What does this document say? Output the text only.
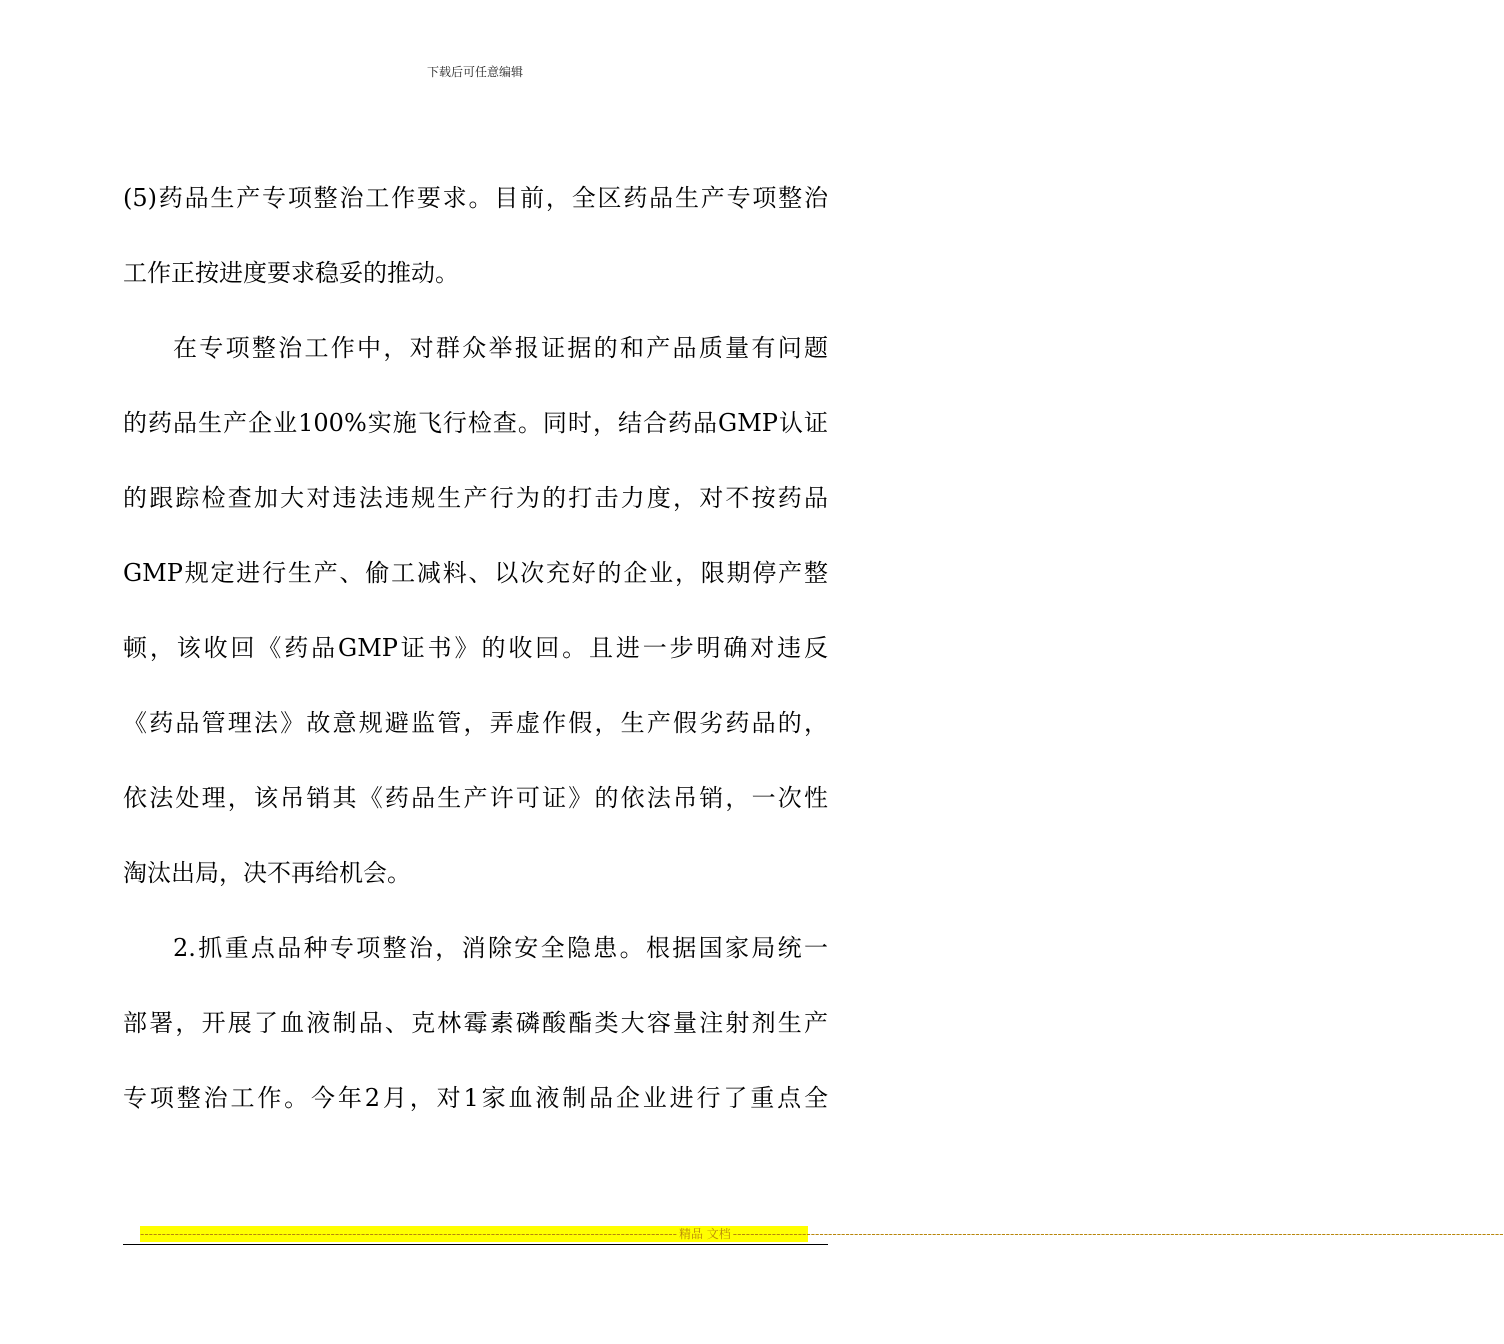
下载后可任意编辑
(5)药品生产专项整治工作要求。目前，全区药品生产专项整治
工作正按进度要求稳妥的推动。
在专项整治工作中，对群众举报证据的和产品质量有问题
的药品生产企业100%实施飞行检查。同时，结合药品GMP认证
的跟踪检查加大对违法违规生产行为的打击力度，对不按药品
GMP规定进行生产、偷工减料、以次充好的企业，限期停产整
顿，该收回《药品GMP证书》的收回。且进一步明确对违反
《药品管理法》故意规避监管，弄虚作假，生产假劣药品的，
依法处理，该吊销其《药品生产许可证》的依法吊销，一次性
淘汰出局，决不再给机会。
2.抓重点品种专项整治，消除安全隐患。根据国家局统一
部署，开展了血液制品、克林霉素磷酸酯类大容量注射剂生产
专项整治工作。今年2月，对1家血液制品企业进行了重点全
---------------------------------------------------------------------------------------------------------------------------- 精品 文档 ----------------------------------------------------------------------------------------------------------------------------------------------------------------------------------
